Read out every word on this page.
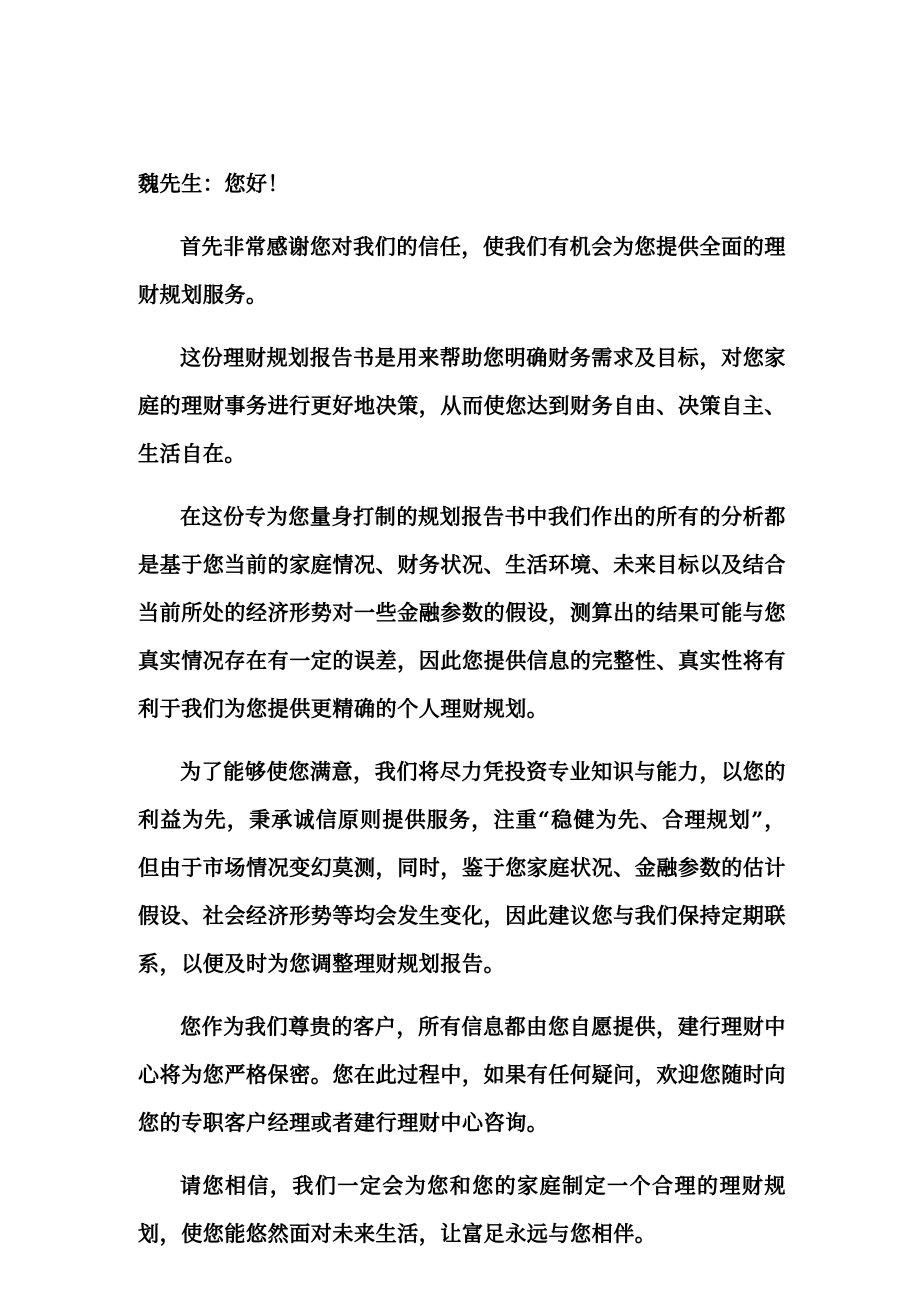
魏先生：您好！

首先非常感谢您对我们的信任，使我们有机会为您提供全面的理财规划服务。

这份理财规划报告书是用来帮助您明确财务需求及目标，对您家庭的理财事务进行更好地决策，从而使您达到财务自由、决策自主、生活自在。

在这份专为您量身打制的规划报告书中我们作出的所有的分析都是基于您当前的家庭情况、财务状况、生活环境、未来目标以及结合当前所处的经济形势对一些金融参数的假设，测算出的结果可能与您真实情况存在有一定的误差，因此您提供信息的完整性、真实性将有利于我们为您提供更精确的个人理财规划。

为了能够使您满意，我们将尽力凭投资专业知识与能力，以您的利益为先，秉承诚信原则提供服务，注重“稳健为先、合理规划”，但由于市场情况变幻莫测，同时，鉴于您家庭状况、金融参数的估计假设、社会经济形势等均会发生变化，因此建议您与我们保持定期联系，以便及时为您调整理财规划报告。

您作为我们尊贵的客户，所有信息都由您自愿提供，建行理财中心将为您严格保密。您在此过程中，如果有任何疑问，欢迎您随时向您的专职客户经理或者建行理财中心咨询。

请您相信，我们一定会为您和您的家庭制定一个合理的理财规划，使您能悠然面对未来生活，让富足永远与您相伴。
